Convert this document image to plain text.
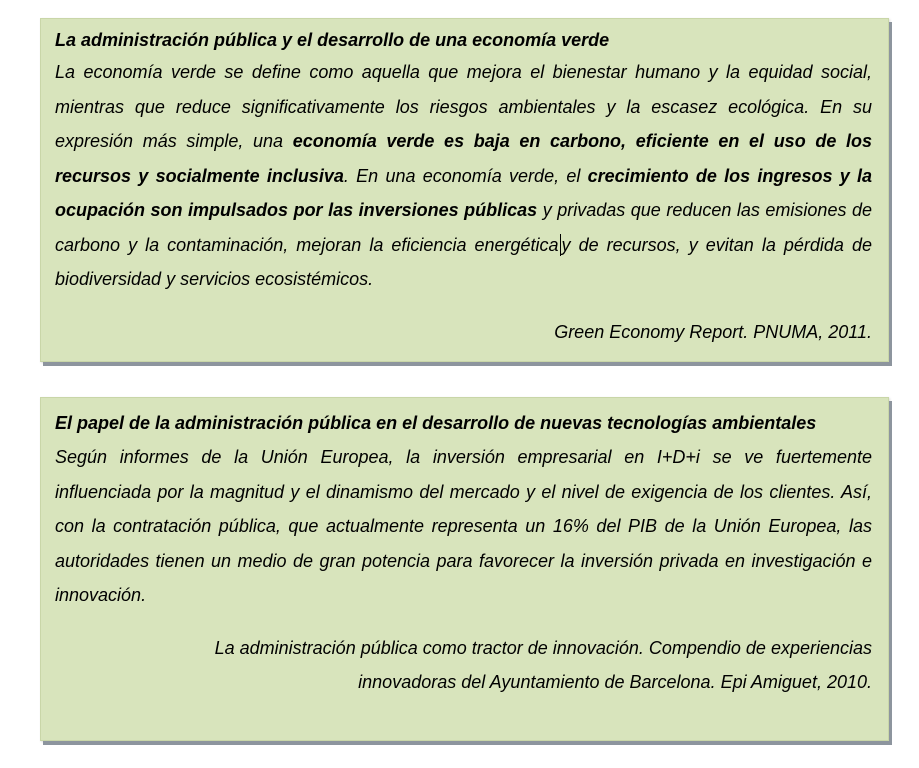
La administración pública y el desarrollo de una economía verde

La economía verde se define como aquella que mejora el bienestar humano y la equidad social, mientras que reduce significativamente los riesgos ambientales y la escasez ecológica. En su expresión más simple, una economía verde es baja en carbono, eficiente en el uso de los recursos y socialmente inclusiva. En una economía verde, el crecimiento de los ingresos y la ocupación son impulsados por las inversiones públicas y privadas que reducen las emisiones de carbono y la contaminación, mejoran la eficiencia energética y de recursos, y evitan la pérdida de biodiversidad y servicios ecosistémicos.

Green Economy Report. PNUMA, 2011.
El papel de la administración pública en el desarrollo de nuevas tecnologías ambientales

Según informes de la Unión Europea, la inversión empresarial en I+D+i se ve fuertemente influenciada por la magnitud y el dinamismo del mercado y el nivel de exigencia de los clientes. Así, con la contratación pública, que actualmente representa un 16% del PIB de la Unión Europea, las autoridades tienen un medio de gran potencia para favorecer la inversión privada en investigación e innovación.

La administración pública como tractor de innovación. Compendio de experiencias
innovadoras del Ayuntamiento de Barcelona. Epi Amiguet, 2010.
